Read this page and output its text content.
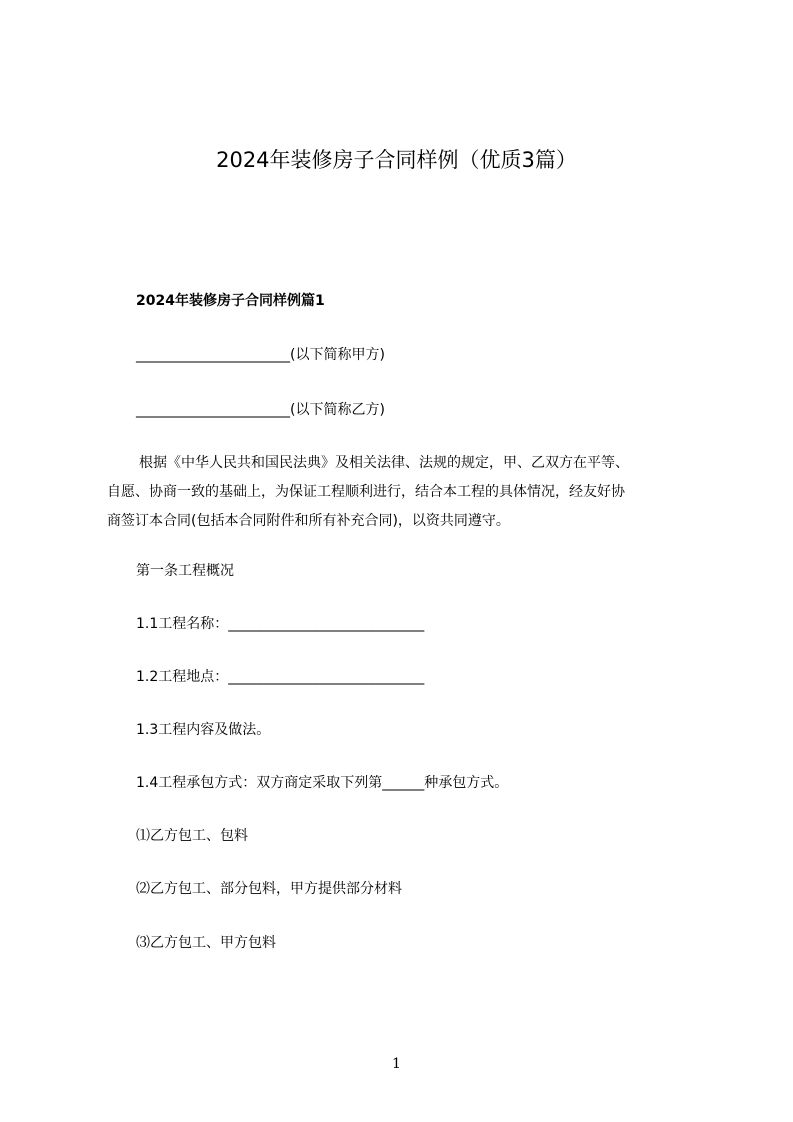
2024年装修房子合同样例（优质3篇）
2024年装修房子合同样例篇1
______________________(以下简称甲方)
______________________(以下简称乙方)
根据《中华人民共和国民法典》及相关法律、法规的规定，甲、乙双方在平等、
自愿、协商一致的基础上，为保证工程顺利进行，结合本工程的具体情况，经友好协
商签订本合同(包括本合同附件和所有补充合同)，以资共同遵守。
第一条工程概况
1.1工程名称：____________________________
1.2工程地点：____________________________
1.3工程内容及做法。
1.4工程承包方式：双方商定采取下列第______种承包方式。
⑴乙方包工、包料
⑵乙方包工、部分包料，甲方提供部分材料
⑶乙方包工、甲方包料
1
